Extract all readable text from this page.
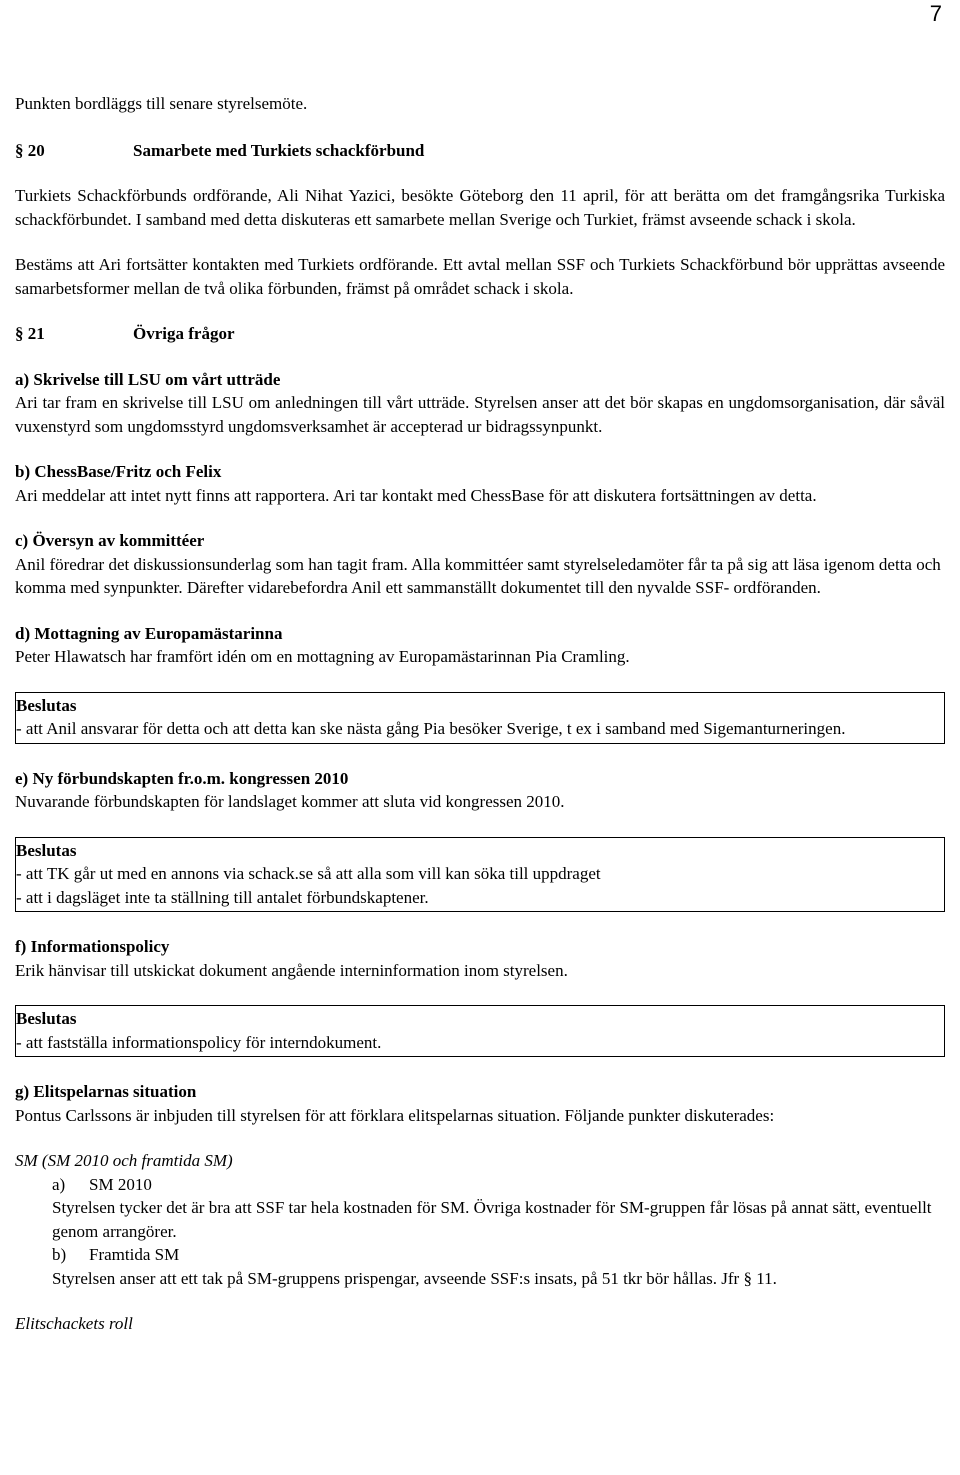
7

Punkten bordläggs till senare styrelsemöte.

§ 20	Samarbete med Turkiets schackförbund

Turkiets Schackförbunds ordförande, Ali Nihat Yazici, besökte Göteborg den 11 april, för att berätta om det framgångsrika Turkiska schackförbundet. I samband med detta diskuteras ett samarbete mellan Sverige och Turkiet, främst avseende schack i skola.

Bestäms att Ari fortsätter kontakten med Turkiets ordförande. Ett avtal mellan SSF och Turkiets Schackförbund bör upprättas avseende samarbetsformer mellan de två olika förbunden, främst på området schack i skola.

§ 21	Övriga frågor

a) Skrivelse till LSU om vårt utträde

Ari tar fram en skrivelse till LSU om anledningen till vårt utträde. Styrelsen anser att det bör skapas en ungdomsorganisation, där såväl vuxenstyrd som ungdomsstyrd ungdomsverksamhet är accepterad ur bidragssynpunkt.

b) ChessBase/Fritz och Felix

Ari meddelar att intet nytt finns att rapportera. Ari tar kontakt med ChessBase för att diskutera fortsättningen av detta.

c) Översyn av kommittéer

Anil föredrar det diskussionsunderlag som han tagit fram. Alla kommittéer samt styrelseledamöter får ta på sig att läsa igenom detta och komma med synpunkter. Därefter vidarebefordra Anil ett sammanställt dokumentet till den nyvalde SSF- ordföranden.

d) Mottagning av Europamästarinna

Peter Hlawatsch har framfört idén om en mottagning av Europamästarinnan Pia Cramling.

Beslutas

- att Anil ansvarar för detta och att detta kan ske nästa gång Pia besöker Sverige, t ex i samband med Sigemanturneringen.

e) Ny förbundskapten fr.o.m. kongressen 2010

Nuvarande förbundskapten för landslaget kommer att sluta vid kongressen 2010.

Beslutas

- att TK går ut med en annons via schack.se så att alla som vill kan söka till uppdraget

- att i dagsläget inte ta ställning till antalet förbundskaptener.

f) Informationspolicy

Erik hänvisar till utskickat dokument angående interninformation inom styrelsen.

Beslutas

- att fastställa informationspolicy för interndokument.

g) Elitspelarnas situation

Pontus Carlssons är inbjuden till styrelsen för att förklara elitspelarnas situation. Följande punkter diskuterades:

SM (SM 2010 och framtida SM)

a) SM 2010

Styrelsen tycker det är bra att SSF tar hela kostnaden för SM. Övriga kostnader för SM-gruppen får lösas på annat sätt, eventuellt genom arrangörer.

b) Framtida SM

Styrelsen anser att ett tak på SM-gruppens prispengar, avseende SSF:s insats, på 51 tkr bör hållas. Jfr § 11.

Elitschackets roll
